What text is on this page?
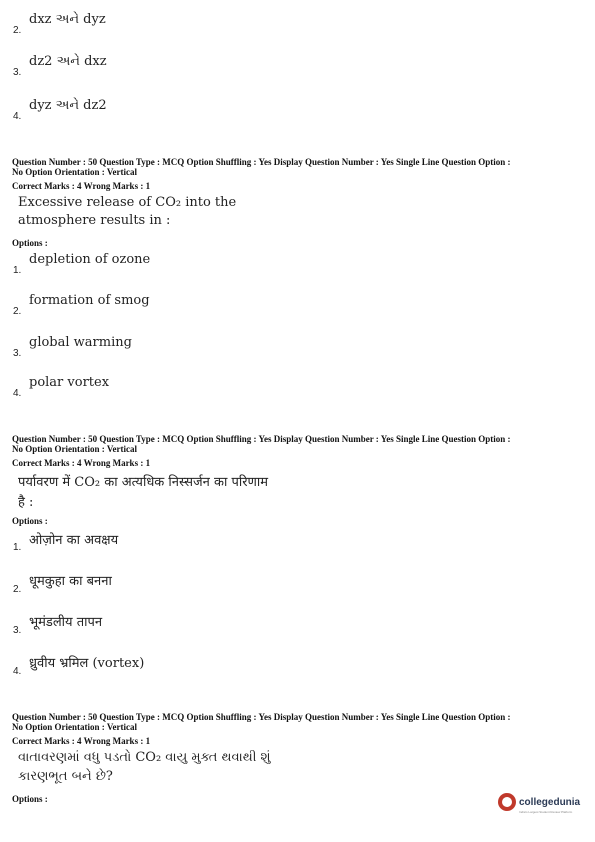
2.
dxz અને dyz
3.
dz2 અને dxz
4.
dyz અને dz2
Question Number : 50 Question Type : MCQ Option Shuffling : Yes Display Question Number : Yes Single Line Question Option :
No Option Orientation : Vertical
Correct Marks : 4 Wrong Marks : 1
Excessive release of CO₂ into the
atmosphere results in :
Options :
1.
depletion of ozone
2.
formation of smog
3.
global warming
4.
polar vortex
Question Number : 50 Question Type : MCQ Option Shuffling : Yes Display Question Number : Yes Single Line Question Option :
No Option Orientation : Vertical
Correct Marks : 4 Wrong Marks : 1
पर्यावरण में CO₂ का अत्यधिक निस्सर्जन का परिणाम
है :
Options :
1. ओज़ोन का अवक्षय
2.
धूमकुहा का बनना
3.
भूमंडलीय तापन
4.
ध्रुवीय भ्रमिल (vortex)
Question Number : 50 Question Type : MCQ Option Shuffling : Yes Display Question Number : Yes Single Line Question Option :
No Option Orientation : Vertical
Correct Marks : 4 Wrong Marks : 1
વાતાવરણમાં વધુ પડતો CO₂ વાયુ મુક્ત થવાથી શું
કારણભૂત બને છે?
Options :	collegedunia
India's Largest Student Review Platform
